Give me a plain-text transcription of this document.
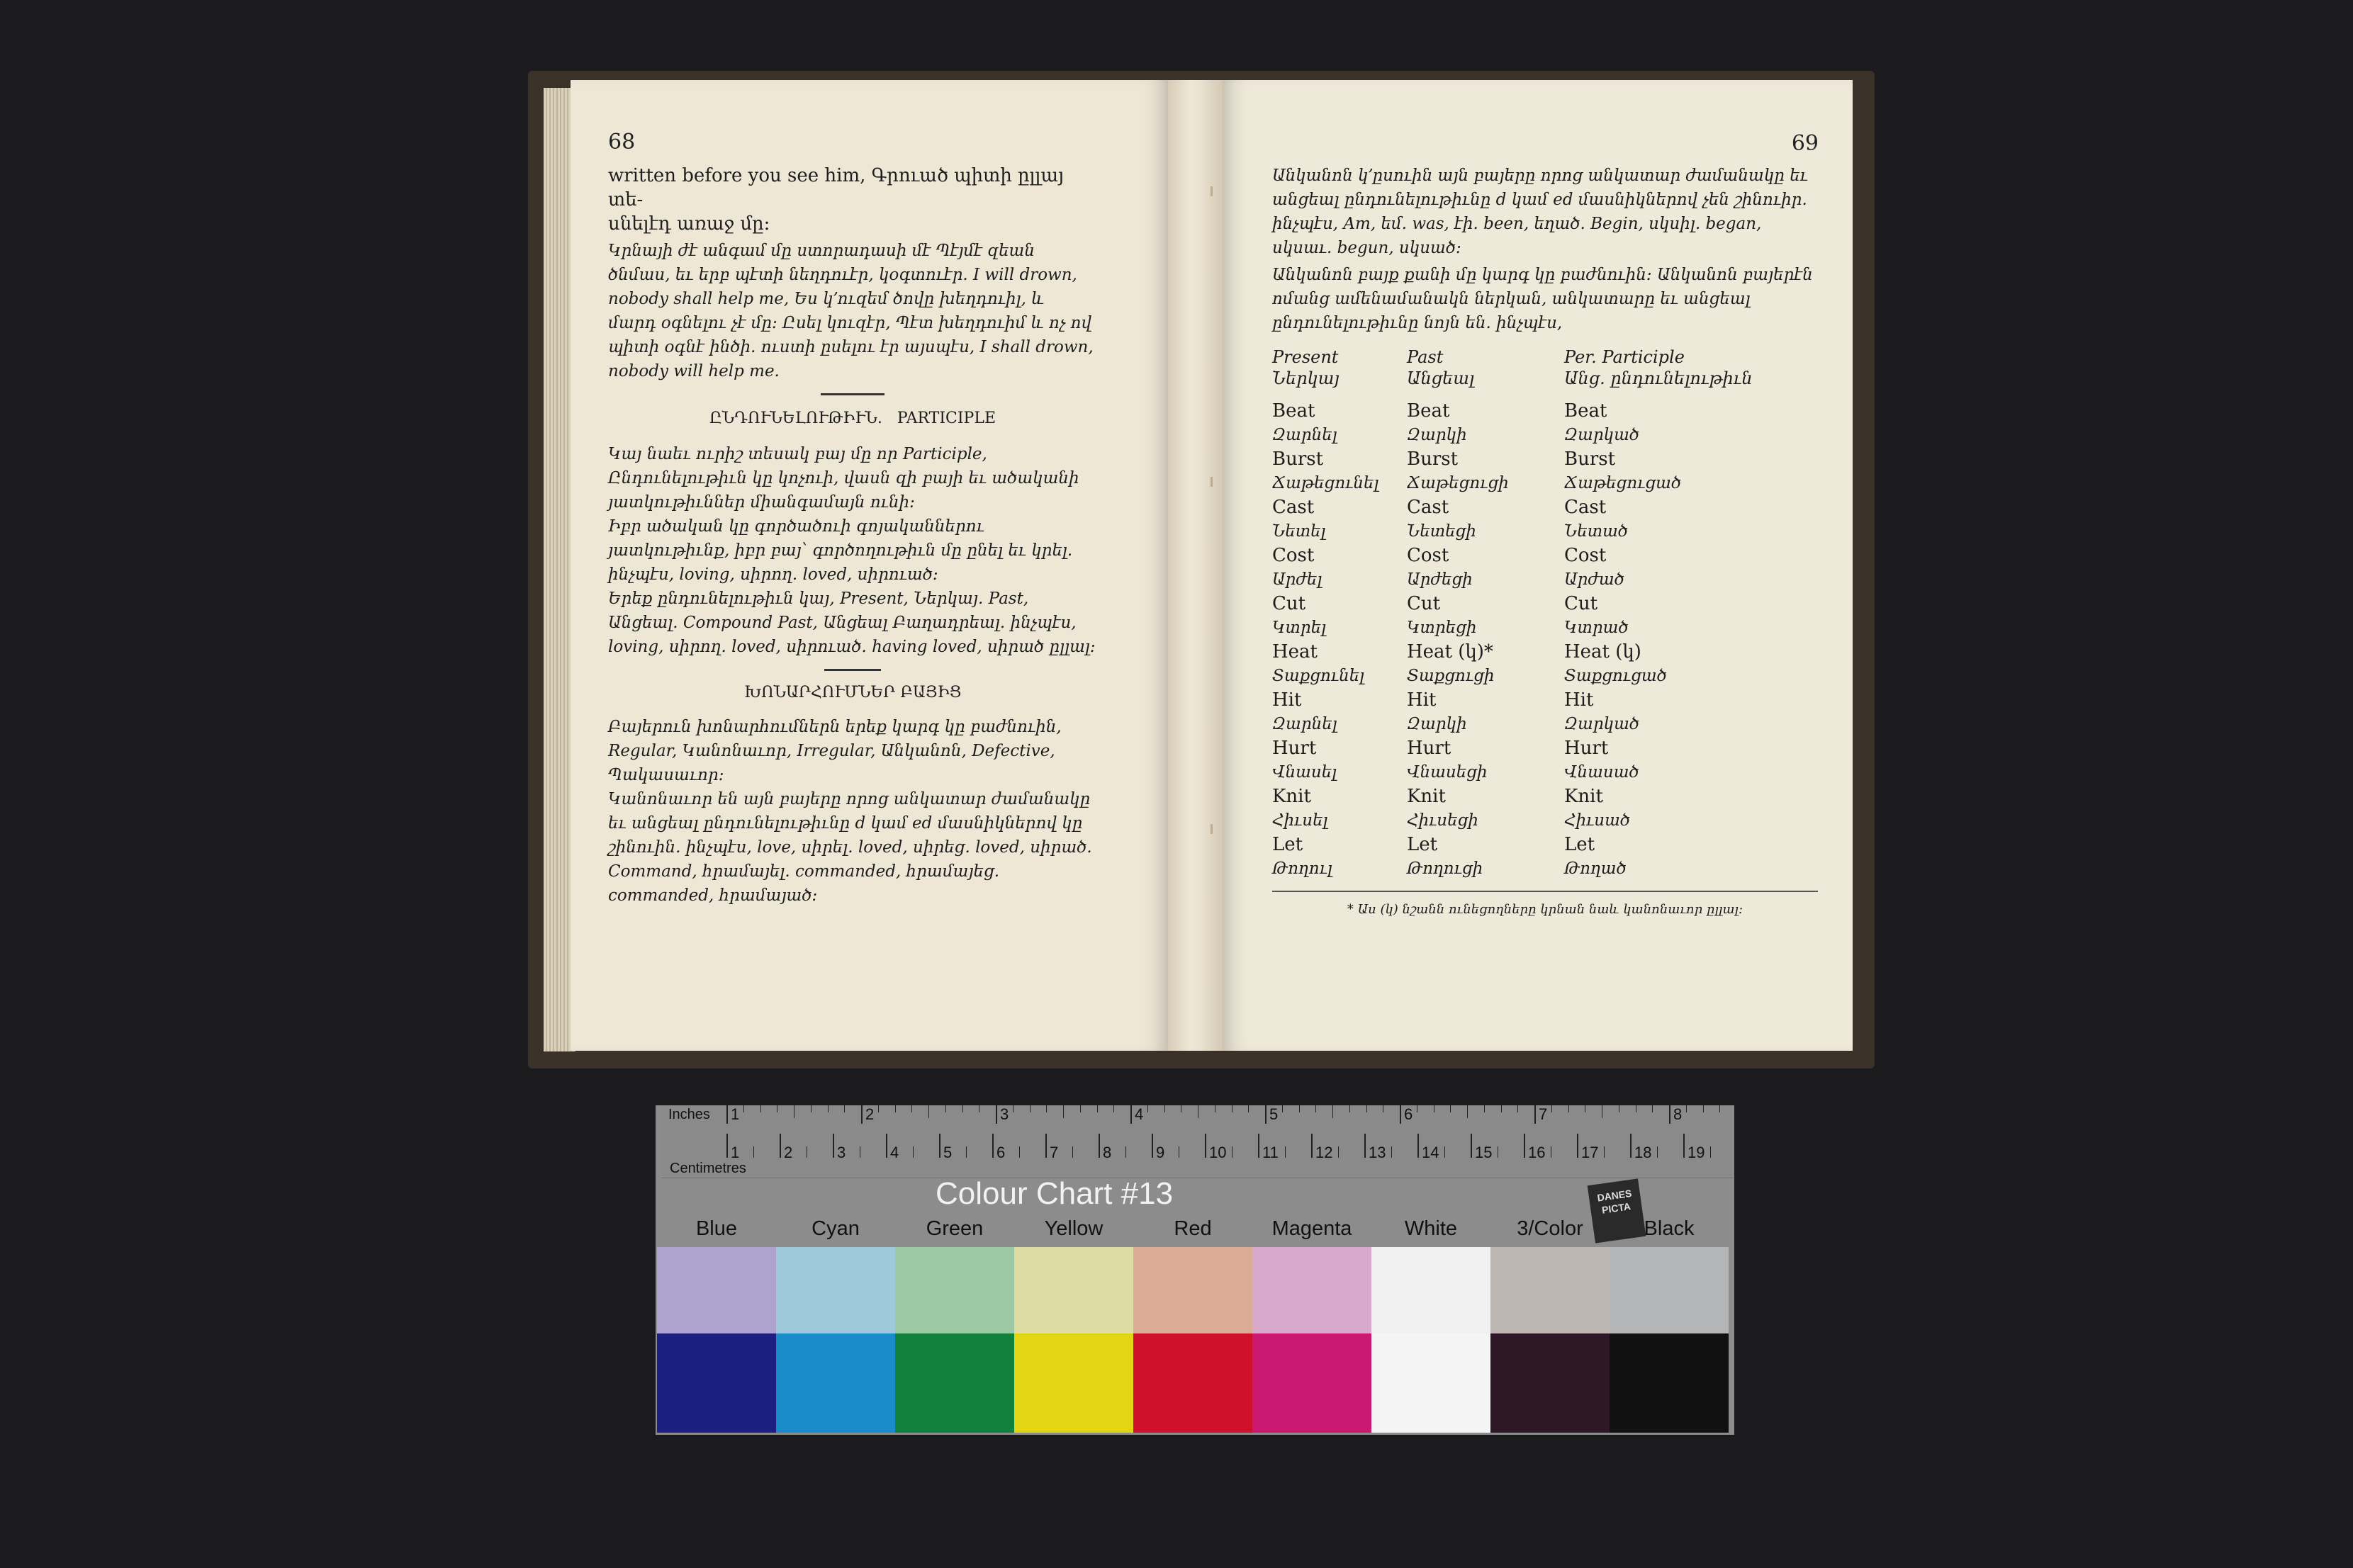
68

written before you see him, Գրուած պիտի ըլլայ տե-

սնելէդ առաջ մը։

Կրնայի ժէ անգամ մը ստորադասի մէ Պէյմէ զեան ծնմաս, եւ երբ պէտի նեղդուէր, կօգտուէր. I will drown, nobody shall help me, Ես կ՚ուզեմ ծովը խեղդուիլ, և մարդ օգնելու չէ մը։ Ըսել կուզէր, Պէտ խեղդուիմ և ոչ ով պիտի օգնէ ինծի. ուստի ըսելու էր այսպէս, I shall drown, nobody will help me.

ԸՆԴՈՒՆԵԼՈՒԹԻՒՆ. PARTICIPLE

Կայ նաեւ ուրիշ տեսակ բայ մը որ Participle, Ընդունելութիւն կը կոչուի, վասն զի բայի եւ ածականի յատկութիւններ միանգամայն ունի։

Իբր ածական կը գործածուի գոյականներու յատկութիւնք, իբր բայ՝ գործողութիւն մը ընել եւ կրել. ինչպէս, loving, սիրող. loved, սիրուած։

Երեք ընդունելութիւն կայ, Present, Ներկայ. Past, Անցեալ. Compound Past, Անցեալ Բաղադրեալ. ինչպէս, loving, սիրող. loved, սիրուած. having loved, սիրած ըլլալ։

ԽՈՆԱՐՀՈՒՄՆԵՐ ԲԱՅԻՑ

Բայերուն խոնարհումներն երեք կարգ կը բաժնուին, Regular, Կանոնաւոր, Irregular, Անկանոն, Defective, Պակասաւոր։

Կանոնաւոր են այն բայերը որոց անկատար ժամանակը եւ անցեալ ընդունելութիւնը d կամ ed մասնիկներով կը շինուին. ինչպէս, love, սիրել. loved, սիրեց. loved, սիրած. Command, հրամայել. commanded, հրամայեց. commanded, հրամայած։

69

Անկանոն կ՚ըսուին այն բայերը որոց անկատար ժամանակը եւ անցեալ ընդունելութիւնը d կամ ed մասնիկներով չեն շինուիր. ինչպէս, Am, եմ. was, էի. been, եղած. Begin, սկսիլ. began, սկսաւ. begun, սկսած։

Անկանոն բայք քանի մը կարգ կը բաժնուին։ Անկանոն բայերէն ոմանց ամենամանակն ներկան, անկատարը եւ անցեալ ընդունելութիւնը նոյն են. ինչպէս,

Present	Past	Per. Participle
Ներկայ	Անցեալ	Անց. ընդունելութիւն

Beat	Beat	Beat
Զարնել	Զարկի	Զարկած
Burst	Burst	Burst
Ճաթեցունել	Ճաթեցուցի	Ճաթեցուցած
Cast	Cast	Cast
Նետել	Նետեցի	Նետած
Cost	Cost	Cost
Արժել	Արժեցի	Արժած
Cut	Cut	Cut
Կտրել	Կտրեցի	Կտրած
Heat	Heat (կ)*	Heat (կ)
Տաքցունել	Տաքցուցի	Տաքցուցած
Hit	Hit	Hit
Զարնել	Զարկի	Զարկած
Hurt	Hurt	Hurt
Վնասել	Վնասեցի	Վնասած
Knit	Knit	Knit
Հիւսել	Հիւսեցի	Հիւսած
Let	Let	Let
Թողուլ	Թողուցի	Թողած

* Աս (կ) նշանն ունեցողները կրնան նաև կանոնաւոր ըլլալ։

Inches
Centimetres
1	2	3	4	5	6	7	8
1	2	3	4	5	6	7	8	9	10 11 12 13 14 15 16 17 18 19
Colour Chart #13	DANES PICTA
Blue	Cyan	Green	Yellow	Red	Magenta	White	3/Color	Black
